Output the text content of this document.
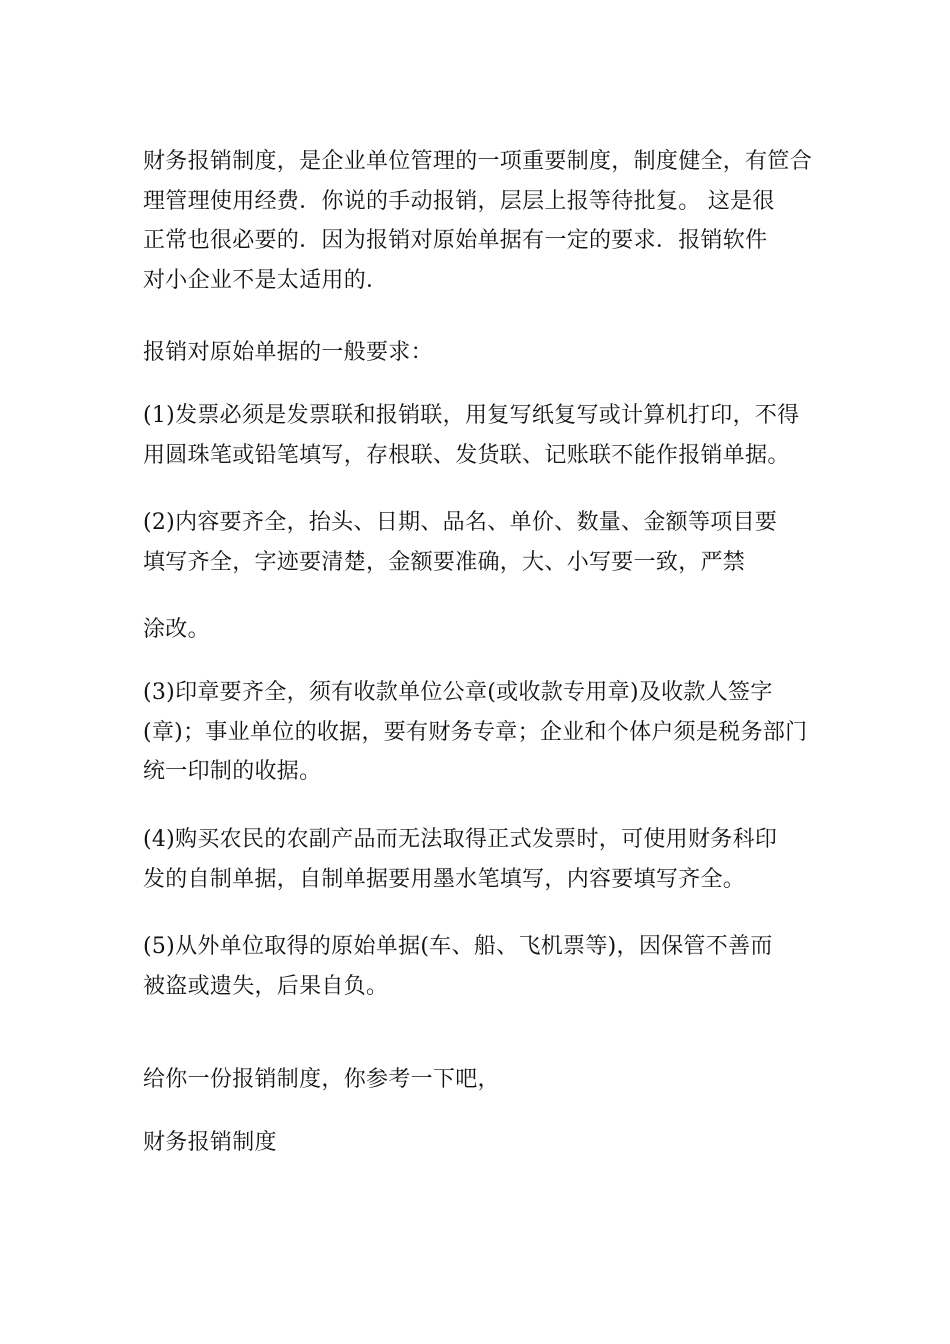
财务报销制度，是企业单位管理的一项重要制度，制度健全，有笸合
理管理使用经费．你说的手动报销，层层上报等待批复。 这是很
正常也很必要的．因为报销对原始单据有一定的要求．报销软件
对小企业不是太适用的．

报销对原始单据的一般要求：

(1)发票必须是发票联和报销联，用复写纸复写或计算机打印，不得
用圆珠笔或铅笔填写，存根联、发货联、记账联不能作报销单据。

(2)内容要齐全，抬头、日期、品名、单价、数量、金额等项目要
填写齐全，字迹要清楚，金额要准确，大、小写要一致，严禁

涂改。

(3)印章要齐全，须有收款单位公章(或收款专用章)及收款人签字
(章)；事业单位的收据，要有财务专章；企业和个体户须是税务部门
统一印制的收据。

(4)购买农民的农副产品而无法取得正式发票时，可使用财务科印
发的自制单据，自制单据要用墨水笔填写，内容要填写齐全。

(5)从外单位取得的原始单据(车、船、飞机票等)，因保管不善而
被盗或遗失，后果自负。

给你一份报销制度，你参考一下吧，

财务报销制度
